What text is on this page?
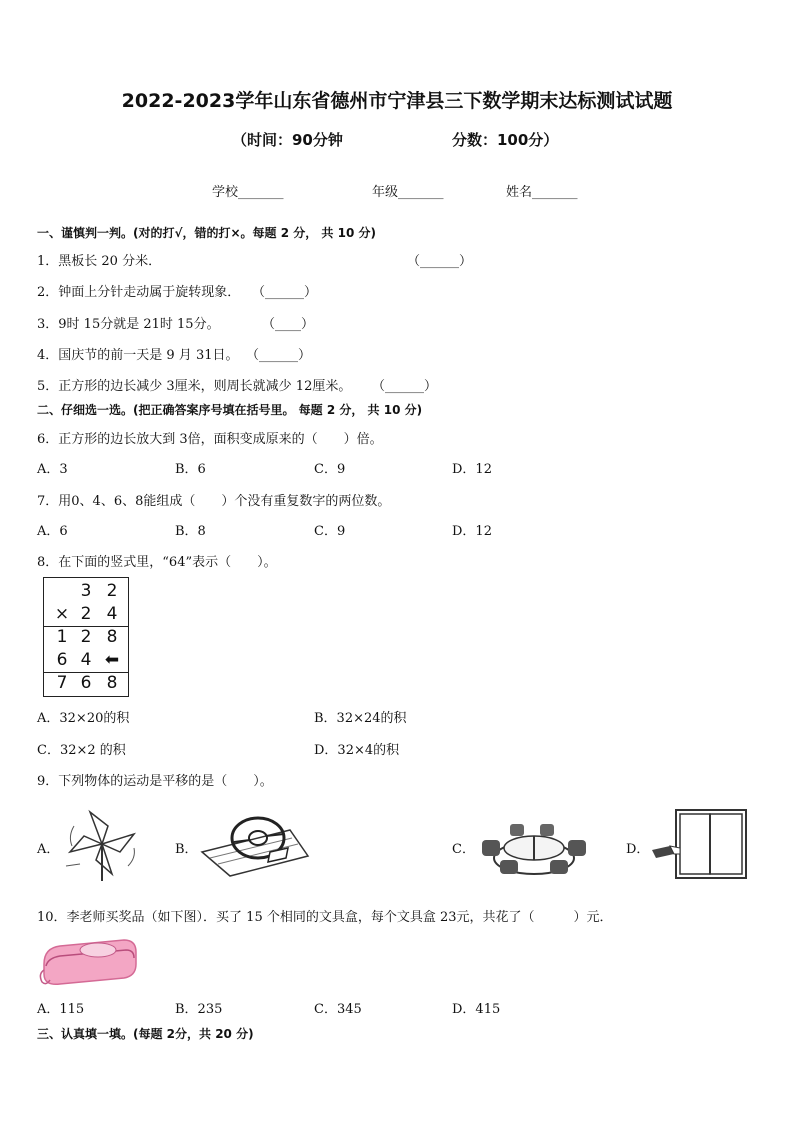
2022-2023学年山东省德州市宁津县三下数学期末达标测试试题
（时间：90分钟	分数：100分）
学校_______	年级_______	姓名_______
一、谨慎判一判。(对的打√，错的打×。每题 2 分， 共 10 分)
1．黑板长 20 分米．	（______）
2．钟面上分针走动属于旋转现象． （______）
3．9时 15分就是 21时 15分。	（____）
4．国庆节的前一天是 9 月 31日。 （______）
5．正方形的边长减少 3厘米，则周长就减少 12厘米。 （______）
二、仔细选一选。(把正确答案序号填在括号里。 每题 2 分， 共 10 分)
6．正方形的边长放大到 3倍，面积变成原来的（　　）倍。
A．3	B．6	C．9	D．12
7．用0、4、6、8能组成（　　）个没有重复数字的两位数。
A．6	B．8	C．9	D．12
8．在下面的竖式里，“64”表示（　　）。
3 2
× 2 4
1 2 8
6 4 ⬅
7 6 8
A．32×20的积	B．32×24的积
C．32×2 的积	D．32×4的积
9．下列物体的运动是平移的是（　　）。
A．	B．	C．	D．
10．李老师买奖品（如下图）．买了 15 个相同的文具盒，每个文具盒 23元，共花了（　　　）元．
A．115	B．235	C．345	D．415
三、认真填一填。(每题 2分，共 20 分)
